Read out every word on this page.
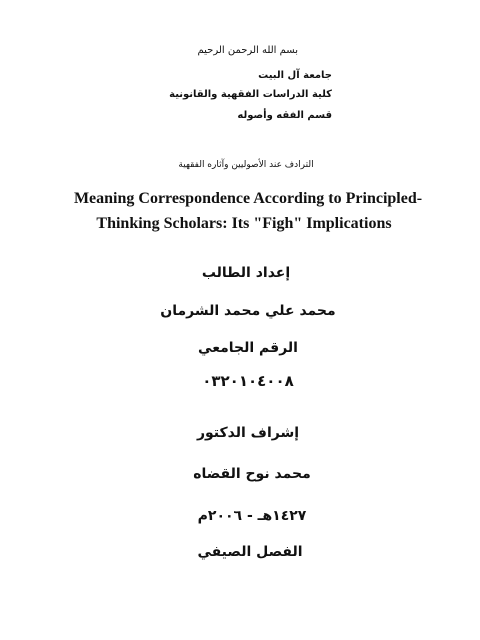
بسم الله الرحمن الرحيم
جامعة آل البيت
كلية الدراسات الفقهية والقانونية
قسم الفقه وأصوله
الترادف عند الأصوليين وآثاره الفقهية
Meaning Correspondence According to Principled-
Thinking Scholars: Its "Figh" Implications
إعداد الطالب
محمد علي محمد الشرمان
الرقم الجامعي
٠٣٢٠١٠٤٠٠٨
إشراف الدكتور
محمد نوح القضاه
١٤٢٧هـ - ٢٠٠٦م
الفصل الصيفي
